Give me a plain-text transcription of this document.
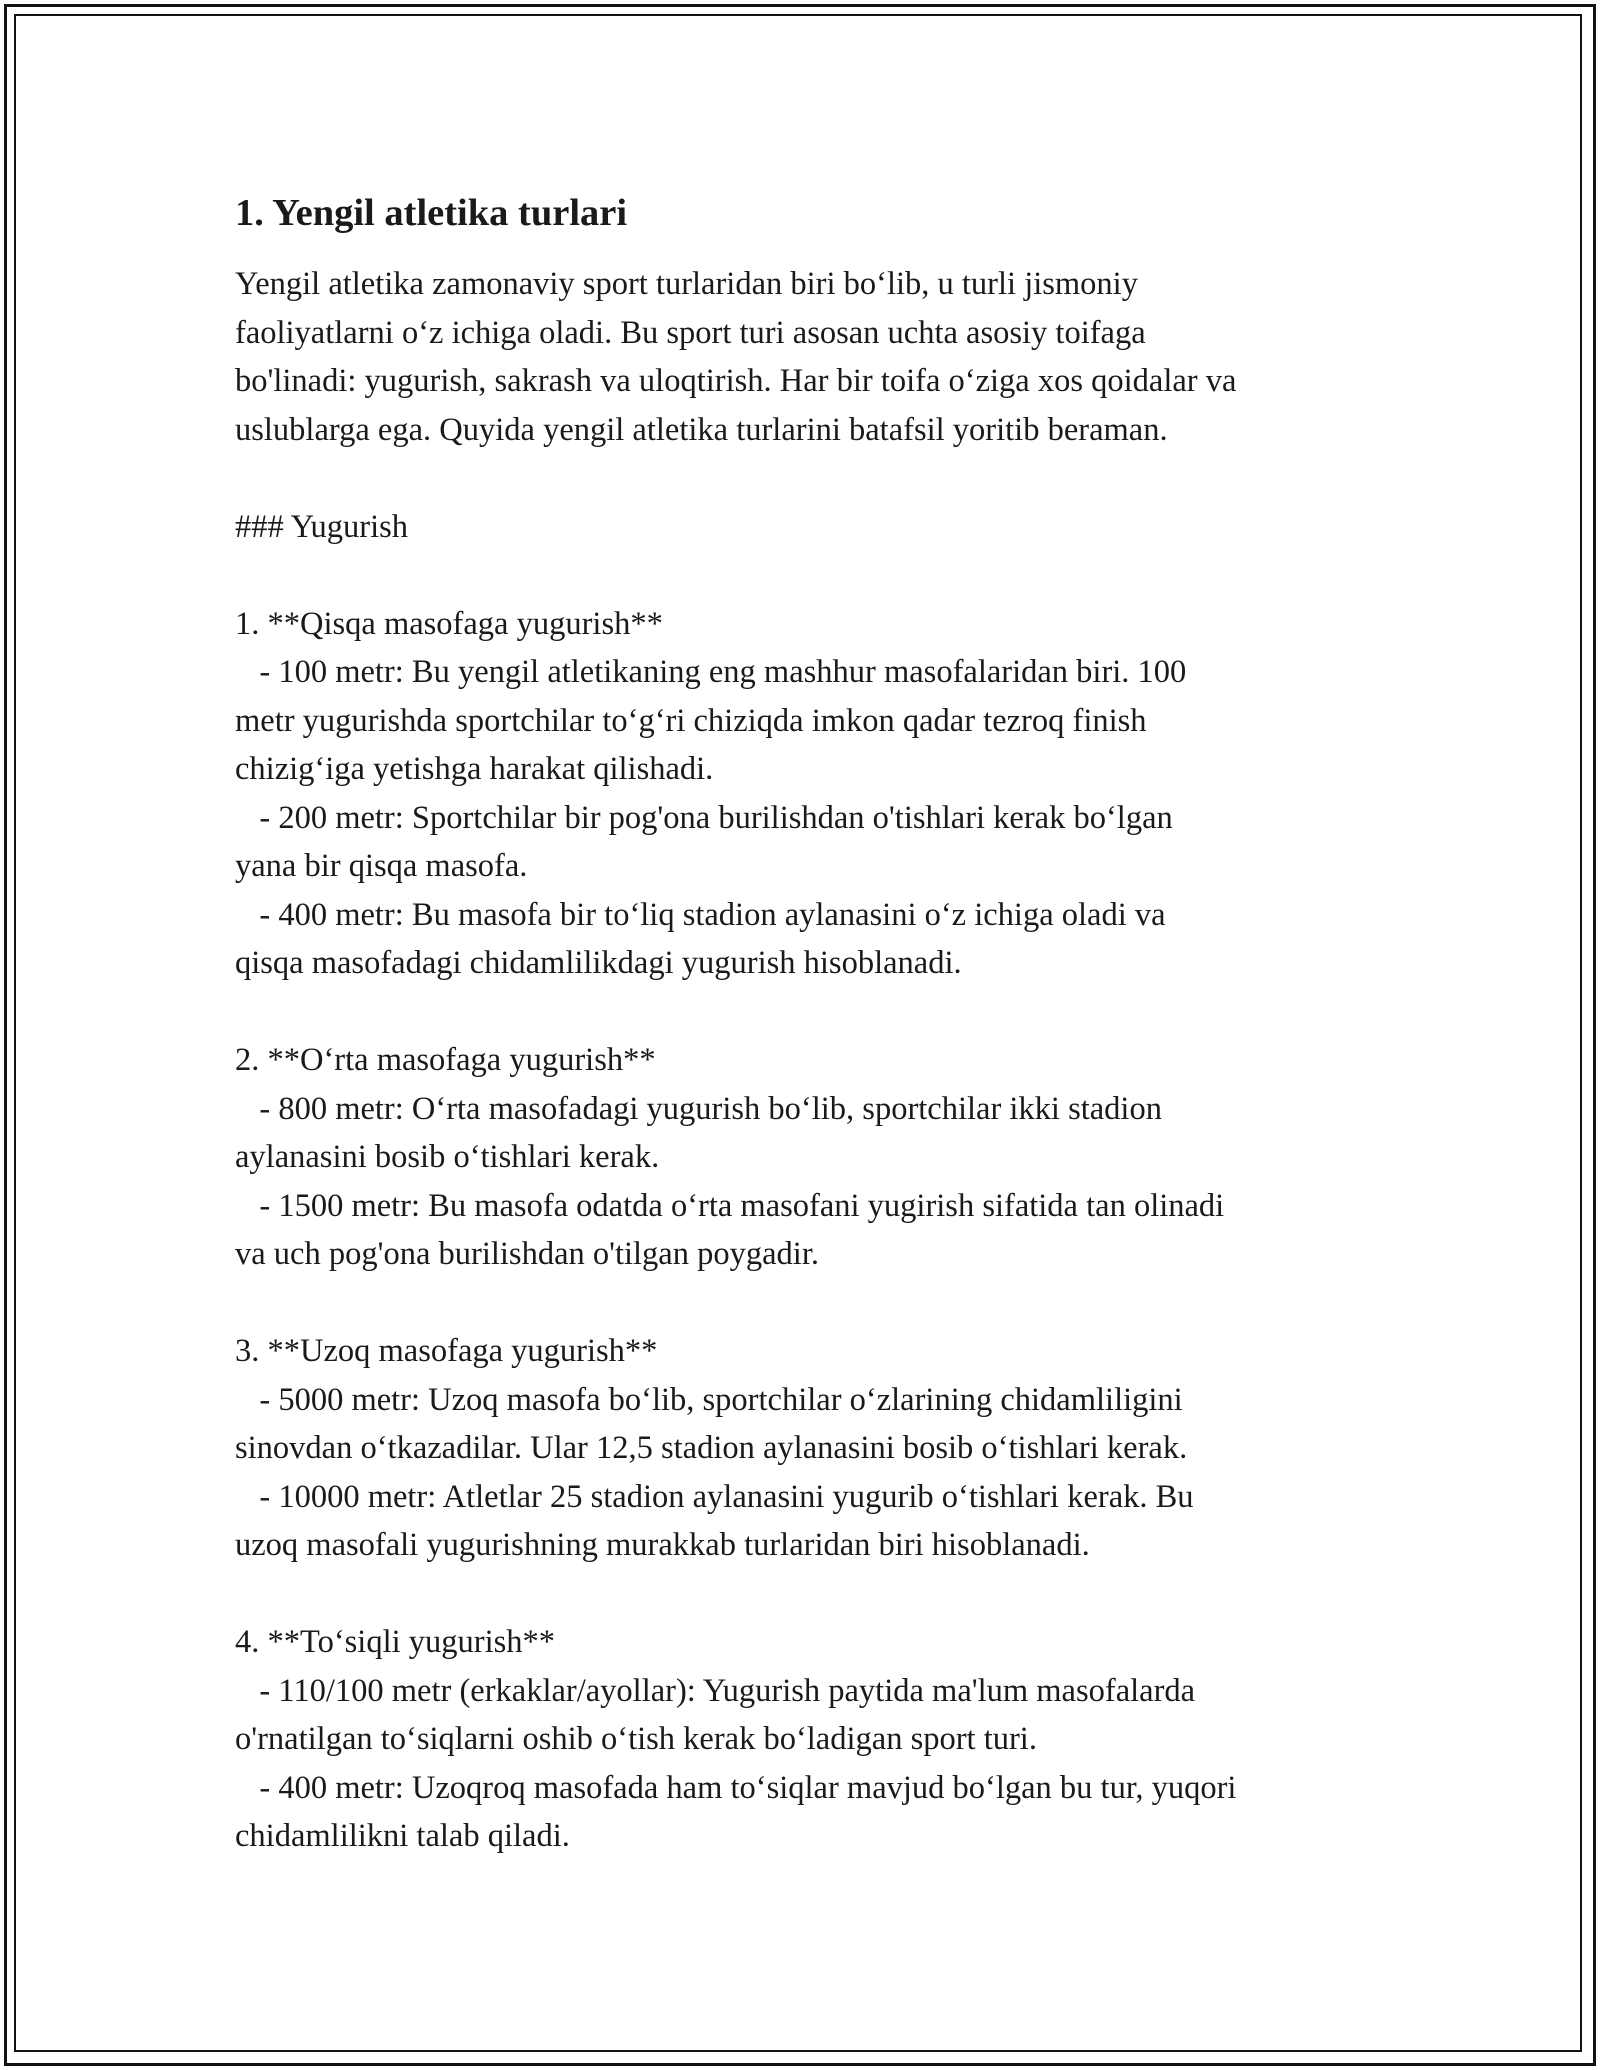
1. Yengil atletika turlari
Yengil atletika zamonaviy sport turlaridan biri bo‘lib, u turli jismoniy
faoliyatlarni o‘z ichiga oladi. Bu sport turi asosan uchta asosiy toifaga
bo'linadi: yugurish, sakrash va uloqtirish. Har bir toifa o‘ziga xos qoidalar va
uslublarga ega. Quyida yengil atletika turlarini batafsil yoritib beraman.
### Yugurish
1. **Qisqa masofaga yugurish**
- 100 metr: Bu yengil atletikaning eng mashhur masofalaridan biri. 100
metr yugurishda sportchilar to‘g‘ri chiziqda imkon qadar tezroq finish
chizig‘iga yetishga harakat qilishadi.
- 200 metr: Sportchilar bir pog'ona burilishdan o'tishlari kerak bo‘lgan
yana bir qisqa masofa.
- 400 metr: Bu masofa bir to‘liq stadion aylanasini o‘z ichiga oladi va
qisqa masofadagi chidamlilikdagi yugurish hisoblanadi.
2. **O‘rta masofaga yugurish**
- 800 metr: O‘rta masofadagi yugurish bo‘lib, sportchilar ikki stadion
aylanasini bosib o‘tishlari kerak.
- 1500 metr: Bu masofa odatda o‘rta masofani yugirish sifatida tan olinadi
va uch pog'ona burilishdan o'tilgan poygadir.
3. **Uzoq masofaga yugurish**
- 5000 metr: Uzoq masofa bo‘lib, sportchilar o‘zlarining chidamliligini
sinovdan o‘tkazadilar. Ular 12,5 stadion aylanasini bosib o‘tishlari kerak.
- 10000 metr: Atletlar 25 stadion aylanasini yugurib o‘tishlari kerak. Bu
uzoq masofali yugurishning murakkab turlaridan biri hisoblanadi.
4. **To‘siqli yugurish**
- 110/100 metr (erkaklar/ayollar): Yugurish paytida ma'lum masofalarda
o'rnatilgan to‘siqlarni oshib o‘tish kerak bo‘ladigan sport turi.
- 400 metr: Uzoqroq masofada ham to‘siqlar mavjud bo‘lgan bu tur, yuqori
chidamlilikni talab qiladi.
